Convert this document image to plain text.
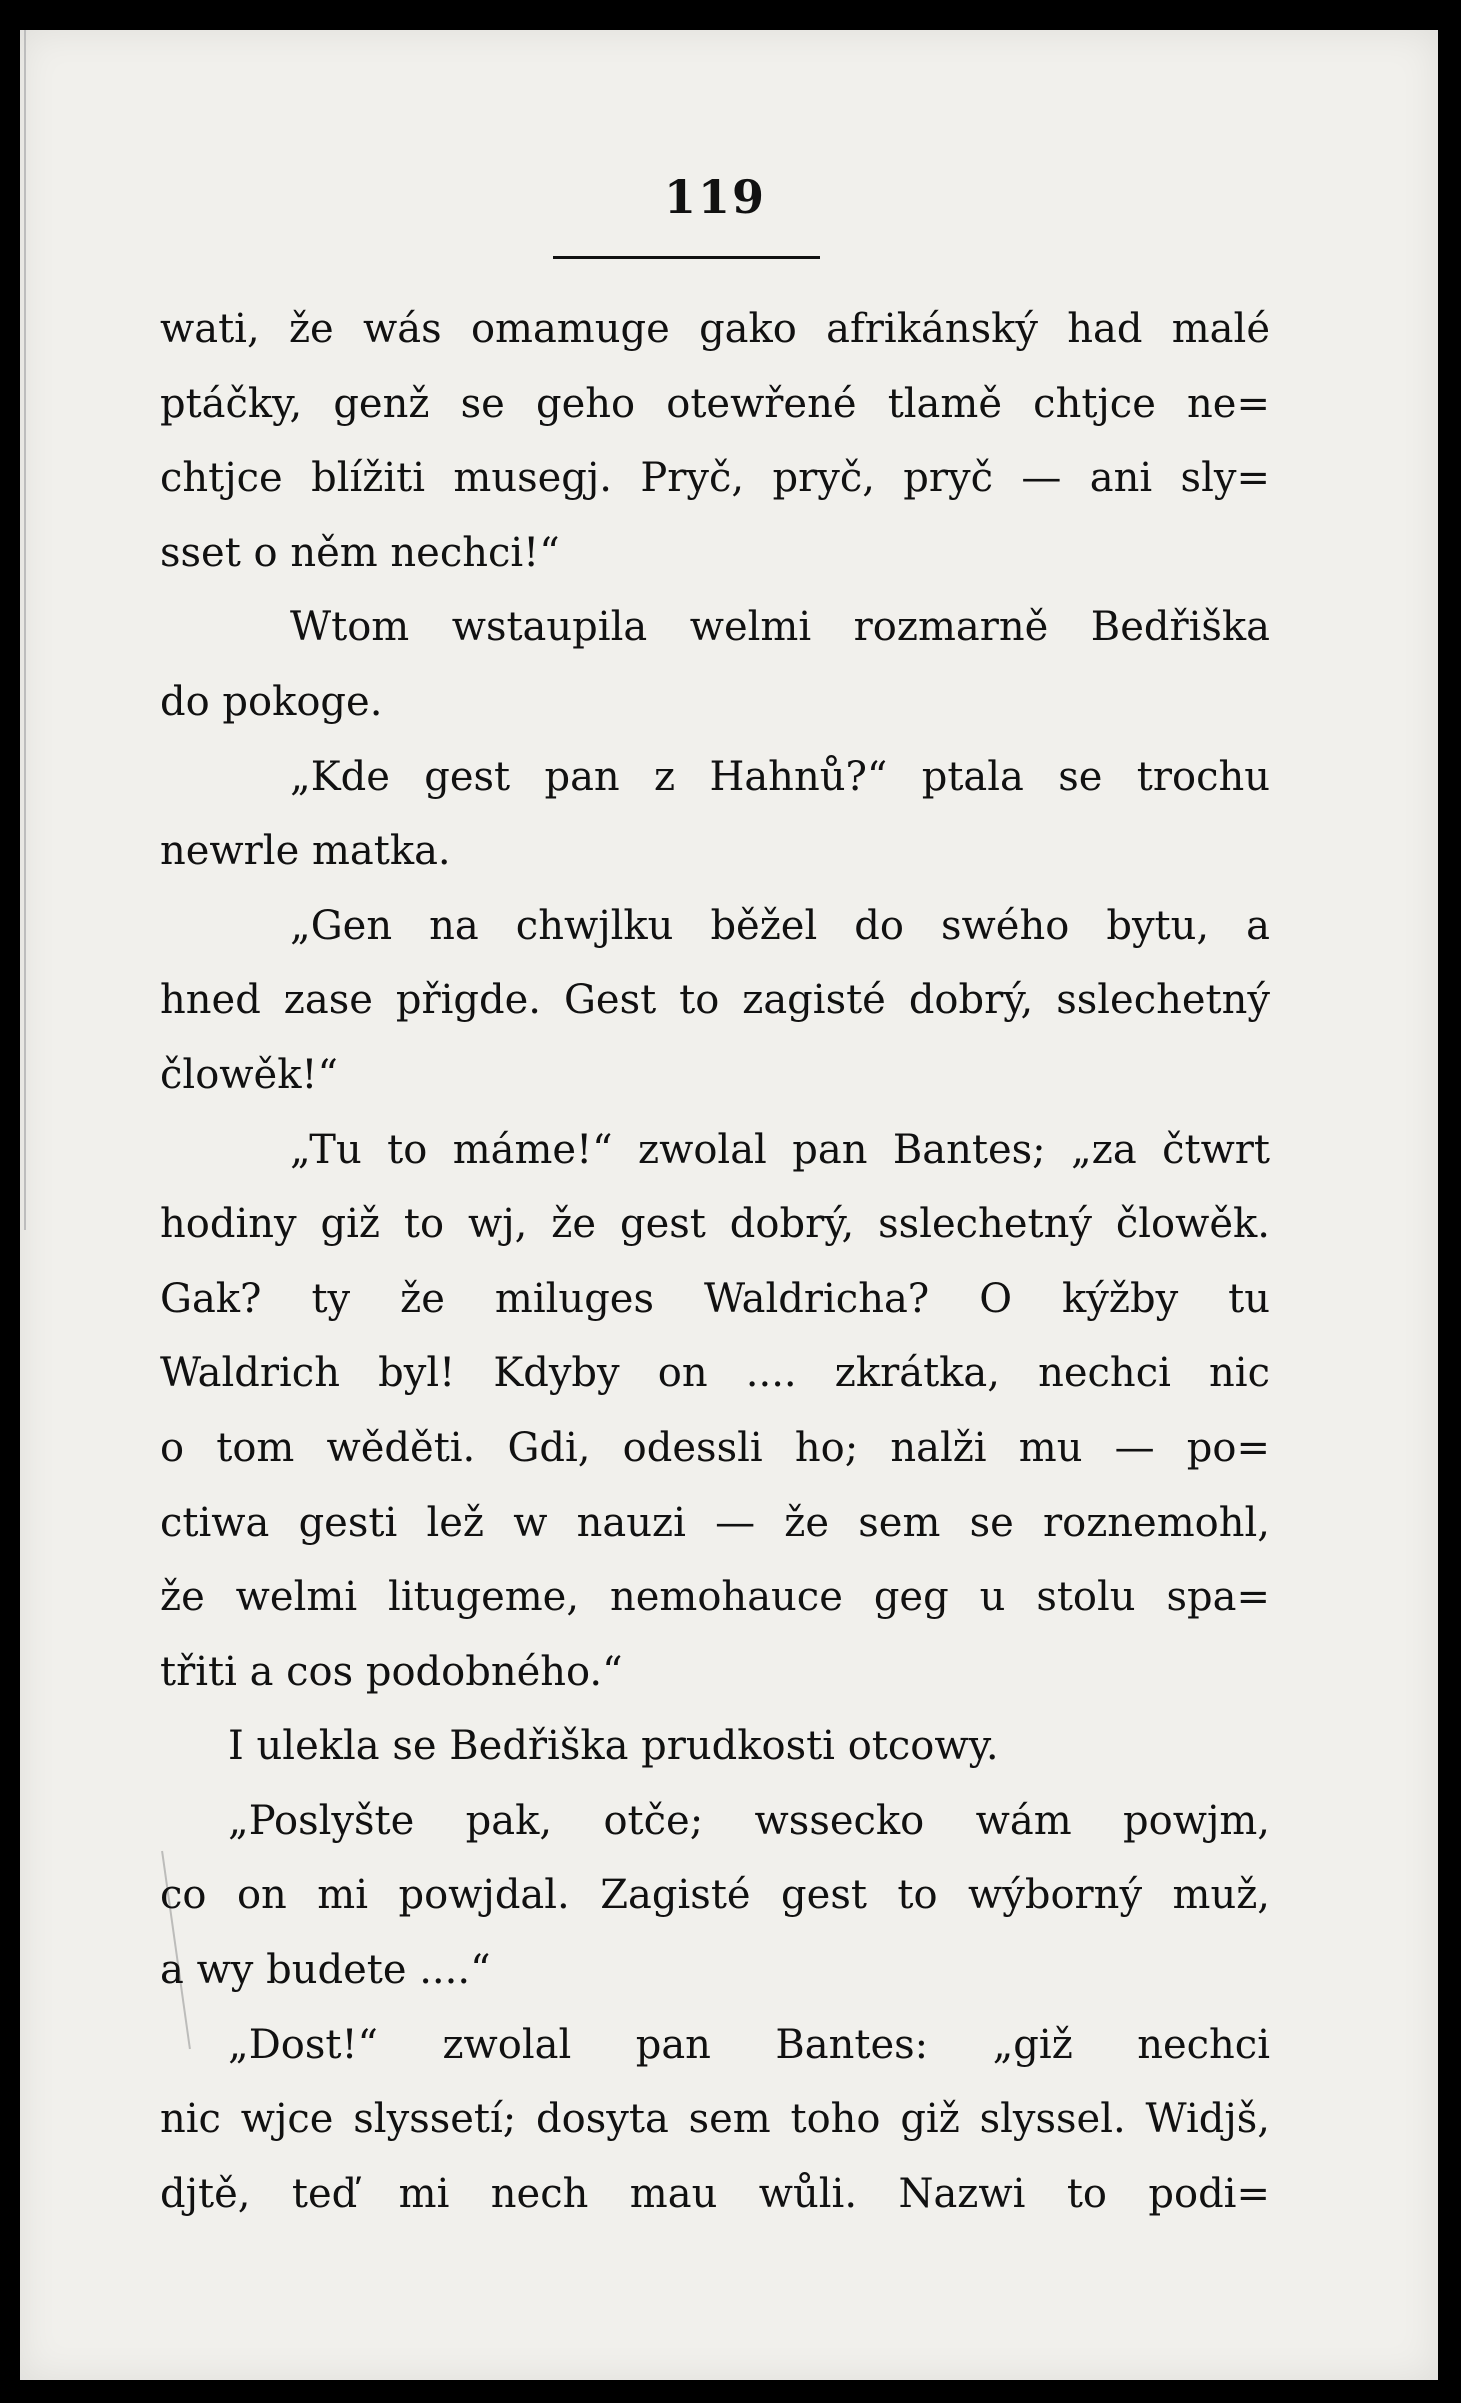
119
wati, že wás omamuge gako afrikánský had malé
ptáčky, genž se geho otewřené tlamě chtjce ne=
chtjce blížiti musegj. Pryč, pryč, pryč — ani sly=
sset o něm nechci!“
Wtom wstaupila welmi rozmarně Bedřiška
do pokoge.
„Kde gest pan z Hahnů?“ ptala se trochu
newrle matka.
„Gen na chwjlku běžel do swého bytu, a
hned zase přigde. Gest to zagisté dobrý, sslechetný
člowěk!“
„Tu to máme!“ zwolal pan Bantes; „za čtwrt
hodiny giž to wj, že gest dobrý, sslechetný člowěk.
Gak? ty že miluges Waldricha? O kýžby tu
Waldrich byl! Kdyby on .... zkrátka, nechci nic
o tom wěděti. Gdi, odessli ho; nalži mu — po=
ctiwa gesti lež w nauzi — že sem se roznemohl,
že welmi litugeme, nemohauce geg u stolu spa=
třiti a cos podobného.“
I ulekla se Bedřiška prudkosti otcowy.
„Poslyšte pak, otče; wssecko wám powjm,
co on mi powjdal. Zagisté gest to wýborný muž,
a wy budete ....“
„Dost!“ zwolal pan Bantes: „giž nechci
nic wjce slyssetí; dosyta sem toho giž slyssel. Widjš,
djtě, teď mi nech mau wůli. Nazwi to podi=
